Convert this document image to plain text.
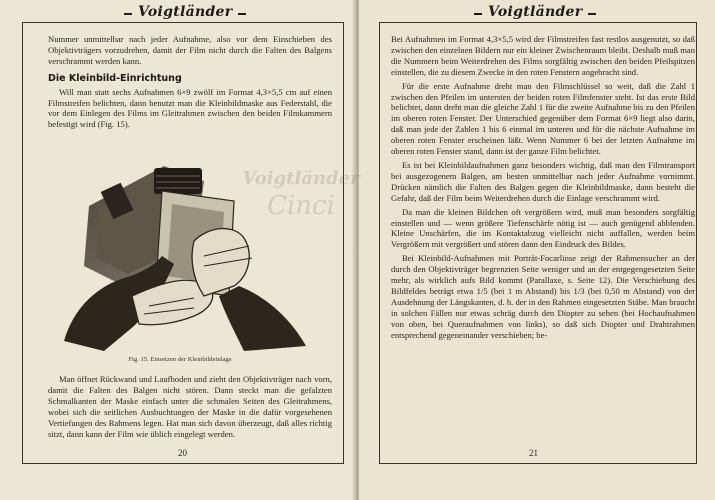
Voigtländer

Nummer unmittelbar nach jeder Aufnahme, also vor dem Einschieben des Objektivträgers vorzudrehen, damit der Film nicht durch die Falten des Balgens verschrammt werden kann.

Die Kleinbild-Einrichtung

Will man statt sechs Aufnahmen 6×9 zwölf im Format 4,3×5,5 cm auf einen Filmstreifen belichten, dann benutzt man die Kleinbildmaske aus Federstahl, die vor dem Einlegen des Films im Gleitrahmen zwischen den beiden Filmkammern befestigt wird (Fig. 15).

Fig. 15. Einsetzen der Kleinbildeinlage

Man öffnet Rückwand und Laufboden und zieht den Objektivträger nach vorn, damit die Falten des Balgen nicht stören. Dann steckt man die gefalzten Schmalkanten der Maske einfach unter die schmalen Seiten des Gleitrahmens, wobei sich die seitlichen Ausbuchtungen der Maske in die dafür vorgesehenen Vertiefungen des Rahmens legen. Hat man sich davon überzeugt, daß alles richtig sitzt, dann kann der Film wie üblich eingelegt werden.

20
Voigtländer

Bei Aufnahmen im Format 4,3×5,5 wird der Filmstreifen fast restlos ausgenutzt, so daß zwischen den einzelnen Bildern nur ein kleiner Zwischenraum bleibt. Deshalb muß man die Nummern beim Weiterdrehen des Films sorgfältig zwischen den beiden Pfeilspitzen einstellen, die zu diesem Zwecke in den roten Fenstern angebracht sind.

Für die erste Aufnahme dreht man den Filmschlüssel so weit, daß die Zahl 1 zwischen den Pfeilen im untersten der beiden roten Filmfenster steht. Ist das erste Bild belichtet, dann dreht man die gleiche Zahl 1 für die zweite Aufnahme bis zu den Pfeilen im oberen roten Fenster. Der Unterschied gegenüber dem Format 6×9 liegt also darin, daß man jede der Zahlen 1 bis 6 einmal im unteren und für die nächste Aufnahme im oberen roten Fenster erscheinen läßt. Wenn Nummer 6 bei der letzten Aufnahme im oberen roten Fenster stand, dann ist der ganze Film belichtet.

Es ist bei Kleinbildaufnahmen ganz besonders wichtig, daß man den Filmtransport bei ausgezogenem Balgen, am besten unmittelbar nach jeder Aufnahme vornimmt. Drücken nämlich die Falten des Balgen gegen die Kleinbildmaske, dann besteht die Gefahr, daß der Film beim Weiterdrehen durch die Einlage verschrammt wird.

Da man die kleinen Bildchen oft vergrößern wird, muß man besonders sorgfältig einstellen und — wenn größere Tiefenschärfe nötig ist — auch genügend abblenden. Kleine Unschärfen, die im Kontaktabzug vielleicht nicht auffallen, werden beim Vergrößern mit vergrößert und stören dann den Eindruck des Bildes.

Bei Kleinbild-Aufnahmen mit Porträt-Focarlinse zeigt der Rahmensucher an der durch den Objektivträger begrenzten Seite weniger und an der entgegengesetzten Seite mehr, als wirklich aufs Bild kommt (Parallaxe, s. Seite 12). Die Verschiebung des Bildfeldes beträgt etwa 1/5 (bei 1 m Abstand) bis 1/3 (bei 0,50 m Abstand) von der Ausdehnung der Längskanten, d. h. der in den Rahmen eingesetzten Stäbe. Man braucht in solchen Fällen nur etwas schräg durch den Diopter zu sehen (bei Hochaufnahmen von oben, bei Queraufnahmen von links), so daß sich Diopter und Drahtrahmen entsprechend gegeneinander verschieben; be-

21
Voigtländer
Cinci
